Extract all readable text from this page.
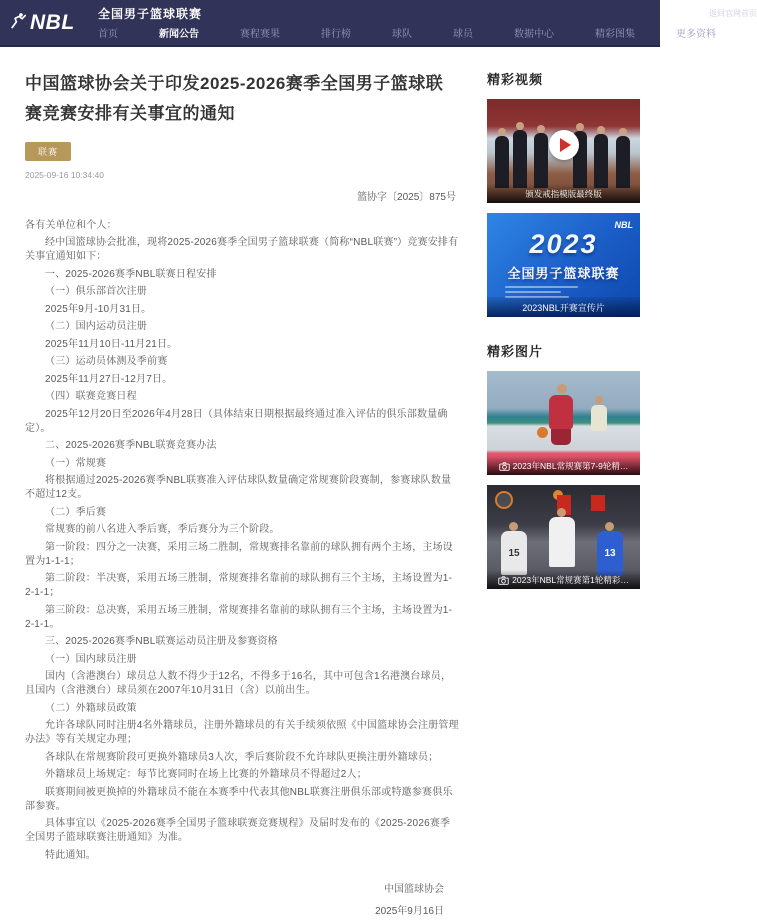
NBL 全国男子篮球联赛	返回官网首页
首页	新闻公告	赛程赛果	排行榜	球队	球员	数据中心	精彩图集	更多资料
中国篮球协会关于印发2025-2026赛季全国男子篮球联赛竞赛安排有关事宜的通知
联赛
2025-09-16 10:34:40
篮协字〔2025〕875号

各有关单位和个人：

经中国篮球协会批准，现将2025-2026赛季全国男子篮球联赛（简称“NBL联赛”）竞赛安排有关事宜通知如下：

一、2025-2026赛季NBL联赛日程安排

（一）俱乐部首次注册

2025年9月-10月31日。

（二）国内运动员注册

2025年11月10日-11月21日。

（三）运动员体测及季前赛

2025年11月27日-12月7日。

（四）联赛竞赛日程

2025年12月20日至2026年4月28日（具体结束日期根据最终通过准入评估的俱乐部数量确定）。

二、2025-2026赛季NBL联赛竞赛办法

（一）常规赛

将根据通过2025-2026赛季NBL联赛准入评估球队数量确定常规赛阶段赛制，参赛球队数量不超过12支。

（二）季后赛

常规赛的前八名进入季后赛，季后赛分为三个阶段。

第一阶段：四分之一决赛，采用三场二胜制，常规赛排名靠前的球队拥有两个主场，主场设置为1-1-1；

第二阶段：半决赛，采用五场三胜制，常规赛排名靠前的球队拥有三个主场，主场设置为1-2-1-1；

第三阶段：总决赛，采用五场三胜制，常规赛排名靠前的球队拥有三个主场，主场设置为1-2-1-1。

三、2025-2026赛季NBL联赛运动员注册及参赛资格

（一）国内球员注册

国内（含港澳台）球员总人数不得少于12名，不得多于16名，其中可包含1名港澳台球员，且国内（含港澳台）球员须在2007年10月31日（含）以前出生。

（二）外籍球员政策

允许各球队同时注册4名外籍球员，注册外籍球员的有关手续须依照《中国篮球协会注册管理办法》等有关规定办理；

各球队在常规赛阶段可更换外籍球员3人次，季后赛阶段不允许球队更换注册外籍球员；

外籍球员上场规定：每节比赛同时在场上比赛的外籍球员不得超过2人；

联赛期间被更换掉的外籍球员不能在本赛季中代表其他NBL联赛注册俱乐部或特邀参赛俱乐部参赛。

具体事宜以《2025-2026赛季全国男子篮球联赛竞赛规程》及届时发布的《2025-2026赛季全国男子篮球联赛注册通知》为准。

特此通知。

中国篮球协会

2025年9月16日

精彩视频
颁发戒指模版最终版
NBL
2023
全国男子篮球联赛
2023NBL开赛宣传片
精彩图片
2023年NBL常规赛第7-9轮精…
15	13
2023年NBL常规赛第1轮精彩…
